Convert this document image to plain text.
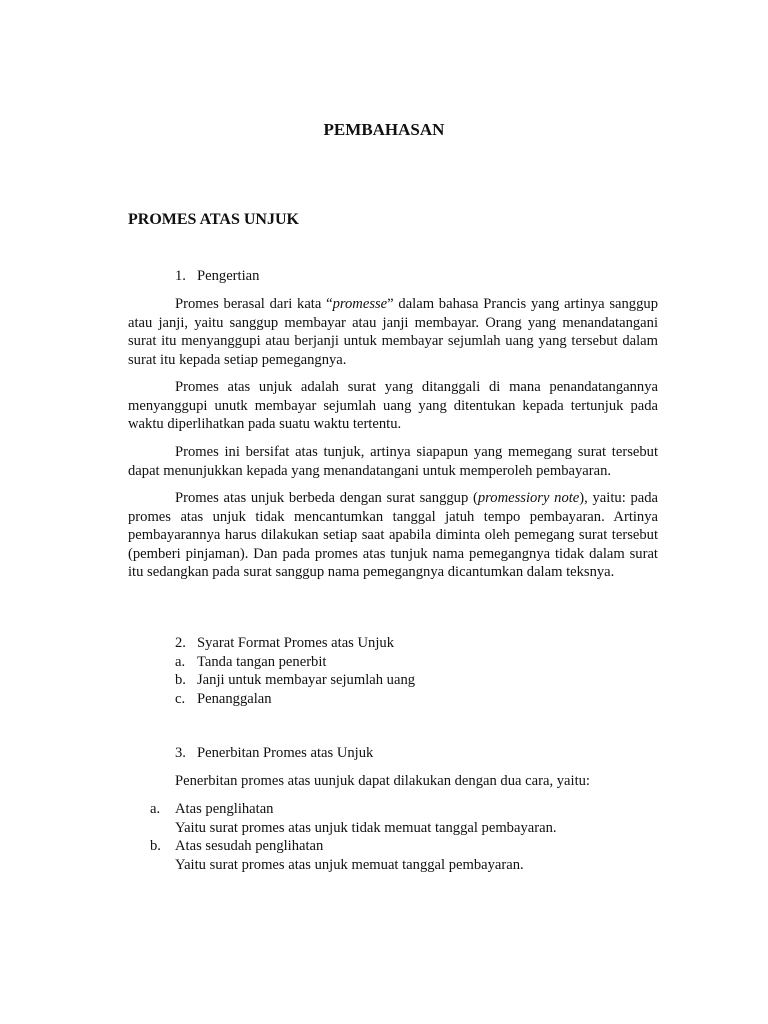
PEMBAHASAN
PROMES ATAS UNJUK
1. Pengertian

Promes berasal dari kata “promesse” dalam bahasa Prancis yang artinya sanggup atau janji, yaitu sanggup membayar atau janji membayar. Orang yang menandatangani surat itu menyanggupi atau berjanji untuk membayar sejumlah uang yang tersebut dalam surat itu kepada setiap pemegangnya.

Promes atas unjuk adalah surat yang ditanggali di mana penandatangannya menyanggupi unutk membayar sejumlah uang yang ditentukan kepada tertunjuk pada waktu diperlihatkan pada suatu waktu tertentu.

Promes ini bersifat atas tunjuk, artinya siapapun yang memegang surat tersebut dapat menunjukkan kepada yang menandatangani untuk memperoleh pembayaran.

Promes atas unjuk berbeda dengan surat sanggup (promessiory note), yaitu: pada promes atas unjuk tidak mencantumkan tanggal jatuh tempo pembayaran. Artinya pembayarannya harus dilakukan setiap saat apabila diminta oleh pemegang surat tersebut (pemberi pinjaman). Dan pada promes atas tunjuk nama pemegangnya tidak dalam surat itu sedangkan pada surat sanggup nama pemegangnya dicantumkan dalam teksnya.

2. Syarat Format Promes atas Unjuk
a. Tanda tangan penerbit
b. Janji untuk membayar sejumlah uang
c. Penanggalan
3. Penerbitan Promes atas Unjuk
Penerbitan promes atas uunjuk dapat dilakukan dengan dua cara, yaitu:
a. Atas penglihatan
Yaitu surat promes atas unjuk tidak memuat tanggal pembayaran.
b. Atas sesudah penglihatan
Yaitu surat promes atas unjuk memuat tanggal pembayaran.
